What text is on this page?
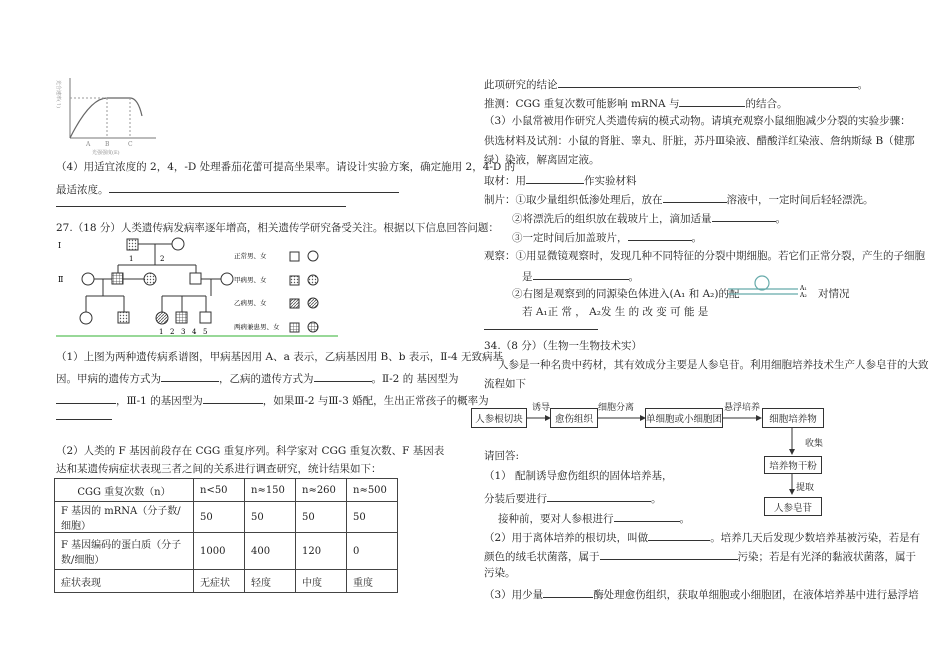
光合速率(↑)
A B	C
光强强度(E)
（4）用适宜浓度的 2，4，-D 处理番茄花蕾可提高坐果率。请设计实验方案，确定施用 2，4-D 的
最适浓度。
27.（18 分）人类遗传病发病率逐年增高，相关遗传学研究备受关注。根据以下信息回答问题：
Ⅰ
Ⅱ
1	2
1 2 3 4 5
正常男、女
甲病男、女
乙病男、女
两病兼患男、女
（1）上图为两种遗传病系谱图，甲病基因用 A、a 表示，乙病基因用 B、b 表示，Ⅱ-4 无致病基
因。甲病的遗传方式为	，乙病的遗传方式为	。Ⅱ-2 的 基因型为
，Ⅲ-1 的基因型为	，如果Ⅲ-2 与Ⅲ-3 婚配，生出正常孩子的概率为
（2）人类的 F 基因前段存在 CGG 重复序列。科学家对 CGG 重复次数、F 基因表
达和某遗传病症状表现三者之间的关系进行调查研究，统计结果如下：
CGG 重复次数（n）	n<50	n≈150	n≈260	n≈500
F 基因的 mRNA（分子数/细胞）	50	50	50	50
F 基因编码的蛋白质（分子数/细胞）	1000	400	120	0
症状表现	无症状	轻度	中度	重度
此项研究的结论	。
推测：CGG 重复次数可能影响 mRNA 与	的结合。
（3）小鼠常被用作研究人类遗传病的模式动物。请填充观察小鼠细胞减少分裂的实验步骤：
供选材料及试剂：小鼠的肾脏、睾丸、肝脏，苏丹Ⅲ染液、醋酸洋红染液、詹纳斯绿 B（健那
绿）染液，解离固定液。
取材：用	作实验材料
制片：①取少量组织低渗处理后，放在	溶液中，一定时间后轻轻漂洗。
②将漂洗后的组织放在载玻片上，滴加适量	。
③一定时间后加盖玻片，	。
观察：①用显微镜观察时，发现几种不同特征的分裂中期细胞。若它们正常分裂，产生的子细胞
是	。
②右图是观察到的同源染色体进入(A₁ 和 A₂)的配	A₁
A₂ 对情况
若 A₁正 常 ， A₂发 生 的 改 变 可 能 是
34.（8 分）（生物一生物技术实）
人参是一种名贵中药材，其有效成分主要是人参皂苷。利用细胞培养技术生产人参皂苷的大致
流程如下
人参根切块	愈伤组织	单细胞或小细胞团	细胞培养物
培养物干粉
人参皂苷
诱导	细胞分离	悬浮培养
收集
提取
请回答:
（1） 配制诱导愈伤组织的固体培养基，
分装后要进行	。
接种前，要对人参根进行	。
（2）用于离体培养的根切块，叫做	。培养几天后发现少数培养基被污染，若是有
颜色的绒毛状菌落，属于	污染；若是有光泽的黏液状菌落，属于
污染。
（3）用少量	酶处理愈伤组织，获取单细胞或小细胞团，在液体培养基中进行悬浮培
